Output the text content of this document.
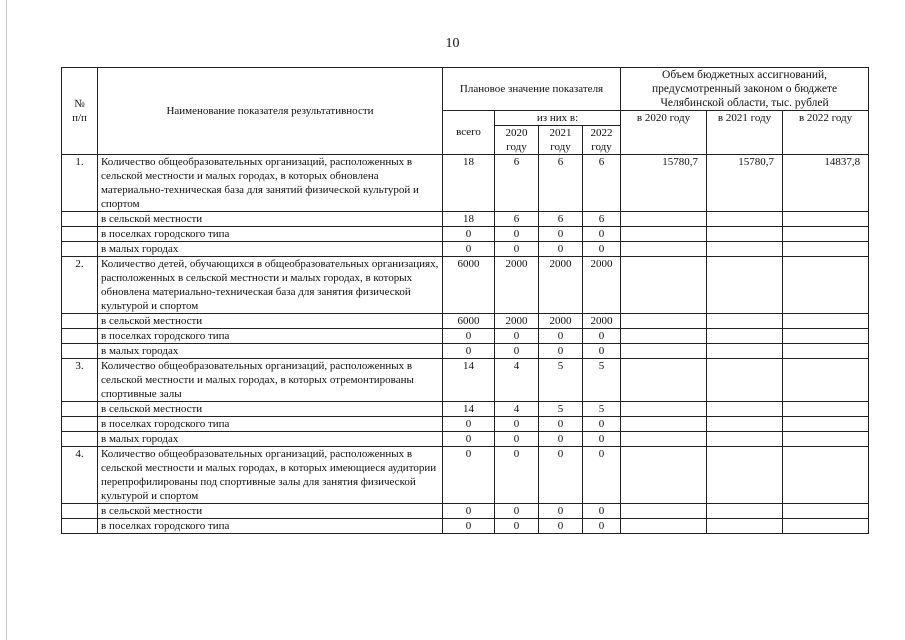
10
№
п/п	Наименование показателя результативности	Плановое значение показателя				Объем бюджетных ассигнований, предусмотренный законом о бюджете Челябинской области, тыс. рублей		
		всего	из них в:			в 2020 году	в 2021 году	в 2022 году
			2020 году	2021 году	2022 году			
1.	Количество общеобразовательных организаций, расположенных в сельской местности и малых городах, в которых обновлена материально-техническая база для занятий физической культурой и спортом	18	6	6	6	15780,7	15780,7	14837,8
	в сельской местности	18	6	6	6			
	в поселках городского типа	0	0	0	0			
	в малых городах	0	0	0	0			
2.	Количество детей, обучающихся в общеобразовательных организациях, расположенных в сельской местности и малых городах, в которых обновлена материально-техническая база для занятия физической культурой и спортом	6000	2000	2000	2000			
	в сельской местности	6000	2000	2000	2000			
	в поселках городского типа	0	0	0	0			
	в малых городах	0	0	0	0			
3.	Количество общеобразовательных организаций, расположенных в сельской местности и малых городах, в которых отремонтированы спортивные залы	14	4	5	5			
	в сельской местности	14	4	5	5			
	в поселках городского типа	0	0	0	0			
	в малых городах	0	0	0	0			
4.	Количество общеобразовательных организаций, расположенных в сельской местности и малых городах, в которых имеющиеся аудитории перепрофилированы под спортивные залы для занятия физической культурой и спортом	0	0	0	0			
	в сельской местности	0	0	0	0			
	в поселках городского типа	0	0	0	0			
